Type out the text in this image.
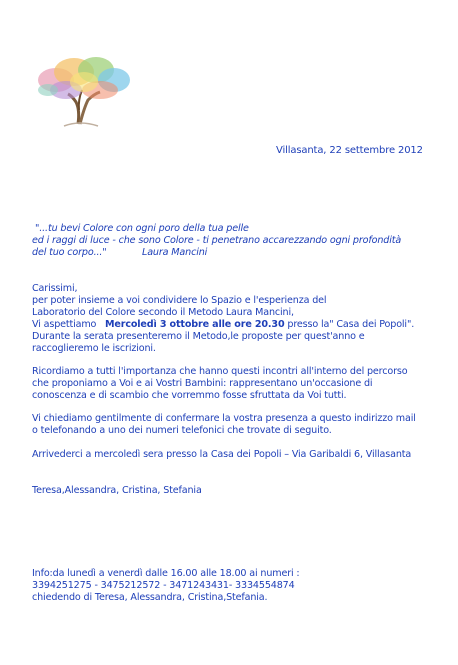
Villasanta, 22 settembre 2012
"...tu bevi Colore con ogni poro della tua pelle
ed i raggi di luce - che sono Colore - ti penetrano accarezzando ogni profondità
del tuo corpo..."	Laura Mancini
Carissimi,
per poter insieme a voi condividere lo Spazio e l'esperienza del
Laboratorio del Colore secondo il Metodo Laura Mancini,
Vi aspettiamo Mercoledì 3 ottobre alle ore 20.30 presso la" Casa dei Popoli".
Durante la serata presenteremo il Metodo,le proposte per quest'anno e
raccoglieremo le iscrizioni.
Ricordiamo a tutti l'importanza che hanno questi incontri all'interno del percorso
che proponiamo a Voi e ai Vostri Bambini: rappresentano un'occasione di
conoscenza e di scambio che vorremmo fosse sfruttata da Voi tutti.
Vi chiediamo gentilmente di confermare la vostra presenza a questo indirizzo mail
o telefonando a uno dei numeri telefonici che trovate di seguito.
Arrivederci a mercoledì sera presso la Casa dei Popoli – Via Garibaldi 6, Villasanta
Teresa,Alessandra, Cristina, Stefania
Info:da lunedì a venerdì dalle 16.00 alle 18.00 ai numeri :
3394251275 - 3475212572 - 3471243431- 3334554874
chiedendo di Teresa, Alessandra, Cristina,Stefania.
